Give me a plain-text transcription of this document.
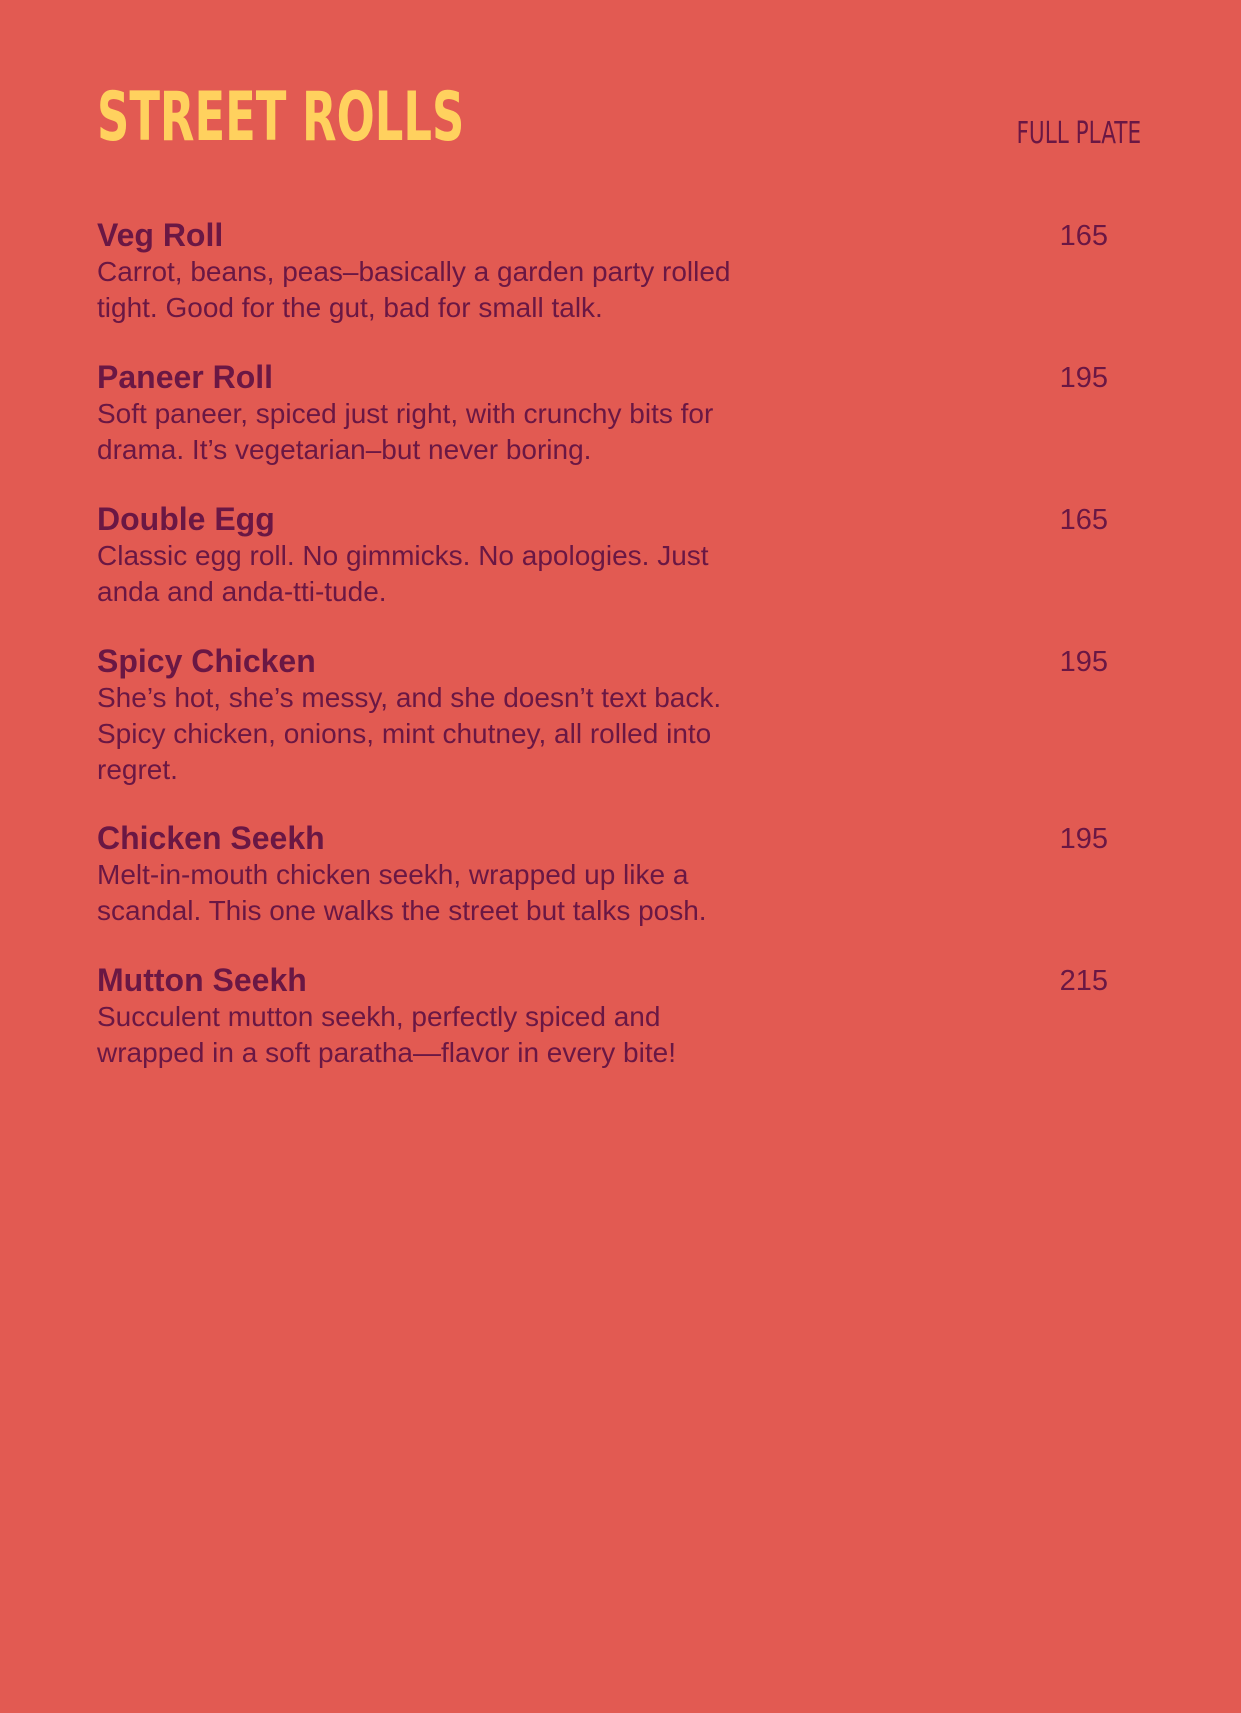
STREET ROLLS	FULL PLATE
Veg Roll
Carrot, beans, peas–basically a garden party rolled tight. Good for the gut, bad for small talk.
165
Paneer Roll
Soft paneer, spiced just right, with crunchy bits for drama. It’s vegetarian–but never boring.
195
Double Egg
Classic egg roll. No gimmicks. No apologies. Just anda and anda-tti-tude.
165
Spicy Chicken
She’s hot, she’s messy, and she doesn’t text back. Spicy chicken, onions, mint chutney, all rolled into regret.
195
Chicken Seekh
Melt-in-mouth chicken seekh, wrapped up like a scandal. This one walks the street but talks posh.
195
Mutton Seekh
Succulent mutton seekh, perfectly spiced and wrapped in a soft paratha—flavor in every bite!
215
